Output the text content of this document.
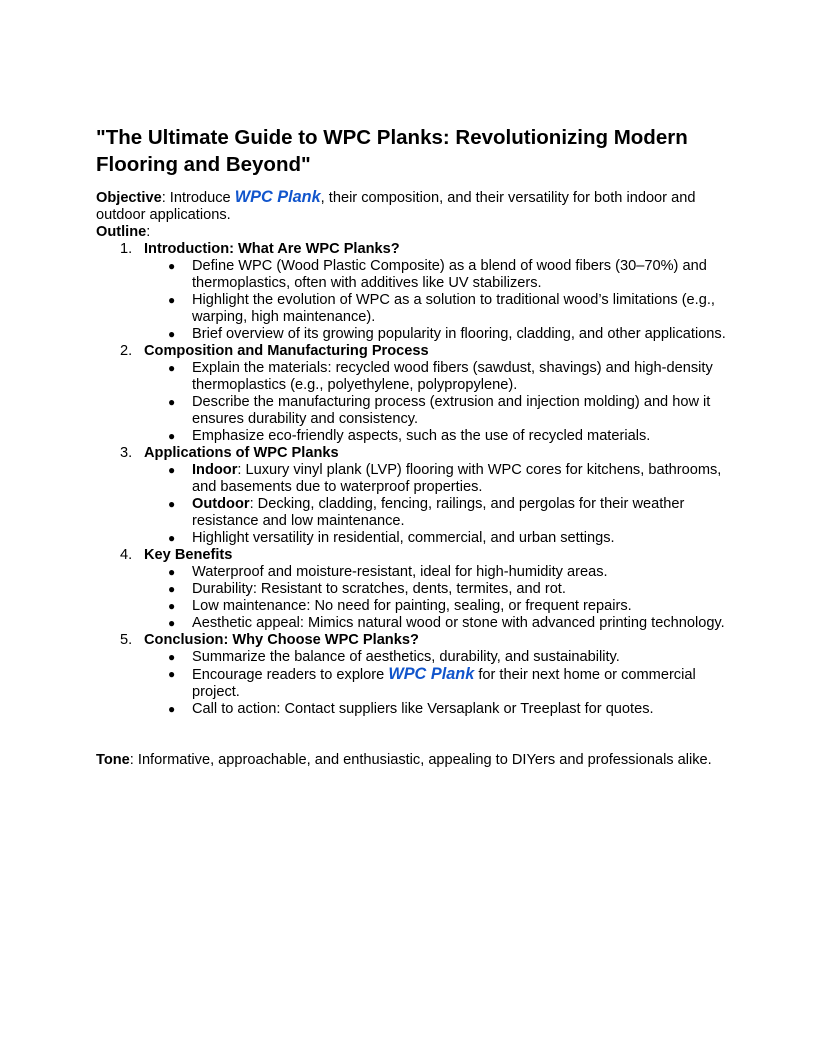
"The Ultimate Guide to WPC Planks: Revolutionizing Modern Flooring and Beyond"

Objective: Introduce WPC Plank, their composition, and their versatility for both indoor and outdoor applications.

Outline:

1. Introduction: What Are WPC Planks?
● Define WPC (Wood Plastic Composite) as a blend of wood fibers (30–70%) and thermoplastics, often with additives like UV stabilizers.
● Highlight the evolution of WPC as a solution to traditional wood’s limitations (e.g., warping, high maintenance).
● Brief overview of its growing popularity in flooring, cladding, and other applications.
2. Composition and Manufacturing Process
● Explain the materials: recycled wood fibers (sawdust, shavings) and high-density thermoplastics (e.g., polyethylene, polypropylene).
● Describe the manufacturing process (extrusion and injection molding) and how it ensures durability and consistency.
● Emphasize eco-friendly aspects, such as the use of recycled materials.
3. Applications of WPC Planks
● Indoor: Luxury vinyl plank (LVP) flooring with WPC cores for kitchens, bathrooms, and basements due to waterproof properties.
● Outdoor: Decking, cladding, fencing, railings, and pergolas for their weather resistance and low maintenance.
● Highlight versatility in residential, commercial, and urban settings.
4. Key Benefits
● Waterproof and moisture-resistant, ideal for high-humidity areas.
● Durability: Resistant to scratches, dents, termites, and rot.
● Low maintenance: No need for painting, sealing, or frequent repairs.
● Aesthetic appeal: Mimics natural wood or stone with advanced printing technology.
5. Conclusion: Why Choose WPC Planks?
● Summarize the balance of aesthetics, durability, and sustainability.
● Encourage readers to explore WPC Plank for their next home or commercial project.
● Call to action: Contact suppliers like Versaplank or Treeplast for quotes.

Tone: Informative, approachable, and enthusiastic, appealing to DIYers and professionals alike.
